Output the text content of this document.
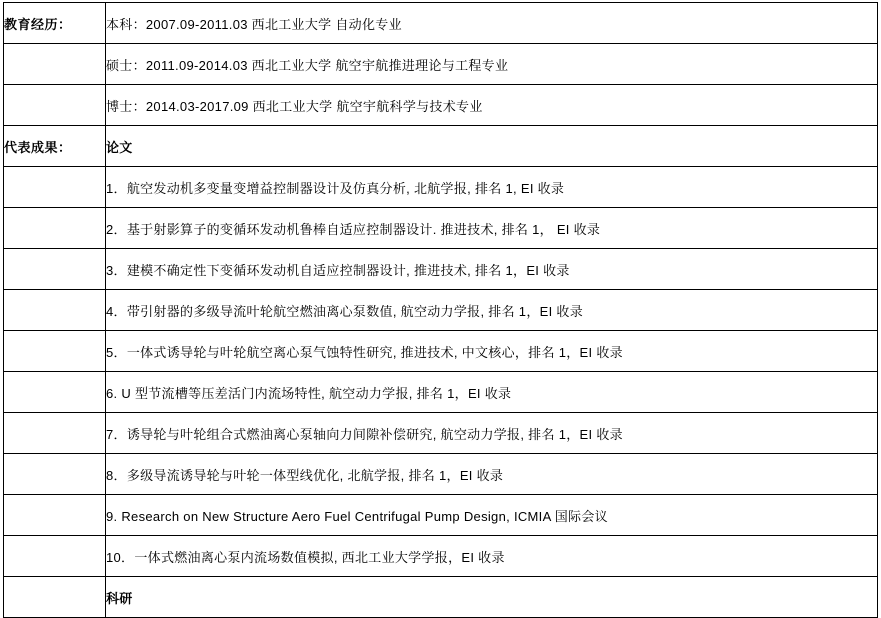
教育经历：	本科：2007.09-2011.03 西北工业大学 自动化专业
	硕士：2011.09-2014.03 西北工业大学 航空宇航推进理论与工程专业
	博士：2014.03-2017.09 西北工业大学 航空宇航科学与技术专业
代表成果：	论文
	1．航空发动机多变量变增益控制器设计及仿真分析, 北航学报, 排名 1, EI 收录
	2．基于射影算子的变循环发动机鲁棒自适应控制器设计. 推进技术, 排名 1， EI 收录
	3．建模不确定性下变循环发动机自适应控制器设计, 推进技术, 排名 1，EI 收录
	4．带引射器的多级导流叶轮航空燃油离心泵数值, 航空动力学报, 排名 1，EI 收录
	5．一体式诱导轮与叶轮航空离心泵气蚀特性研究, 推进技术, 中文核心，排名 1，EI 收录
	6. U 型节流槽等压差活门内流场特性, 航空动力学报, 排名 1，EI 收录
	7．诱导轮与叶轮组合式燃油离心泵轴向力间隙补偿研究, 航空动力学报, 排名 1，EI 收录
	8．多级导流诱导轮与叶轮一体型线优化, 北航学报, 排名 1，EI 收录
	9. Research on New Structure Aero Fuel Centrifugal Pump Design, ICMIA 国际会议
	10．一体式燃油离心泵内流场数值模拟, 西北工业大学学报，EI 收录
	科研
